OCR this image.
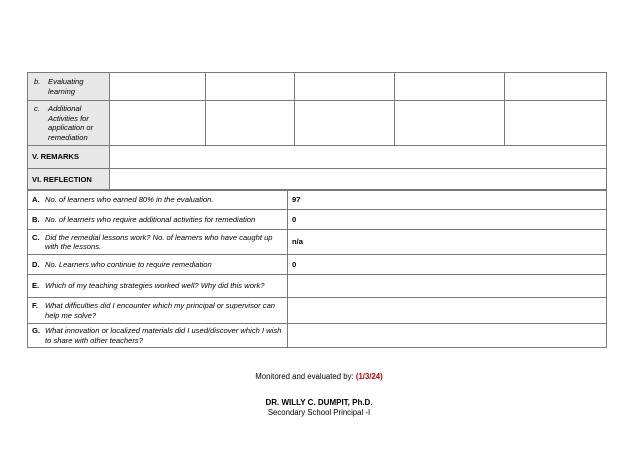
b. Evaluating learning					

c. Additional Activities for application or remediation					

V. REMARKS					
VI. REFLECTION					
A. No. of learners who earned 80% in the evaluation.	97

B. No. of learners who require additional activities for remediation	0

C. Did the remedial lessons work? No. of learners who have caught up with the lessons.	n/a

D. No. Learners who continue to require remediation	0

E. Which of my teaching strategies worked well? Why did this work?	

F. What difficulties did I encounter which my principal or supervisor can help me solve?	

G. What innovation or localized materials did I used/discover which I wish to share with other teachers?	

Monitored and evaluated by: (1/3/24)
DR. WILLY C. DUMPIT, Ph.D.
Secondary School Principal -I
